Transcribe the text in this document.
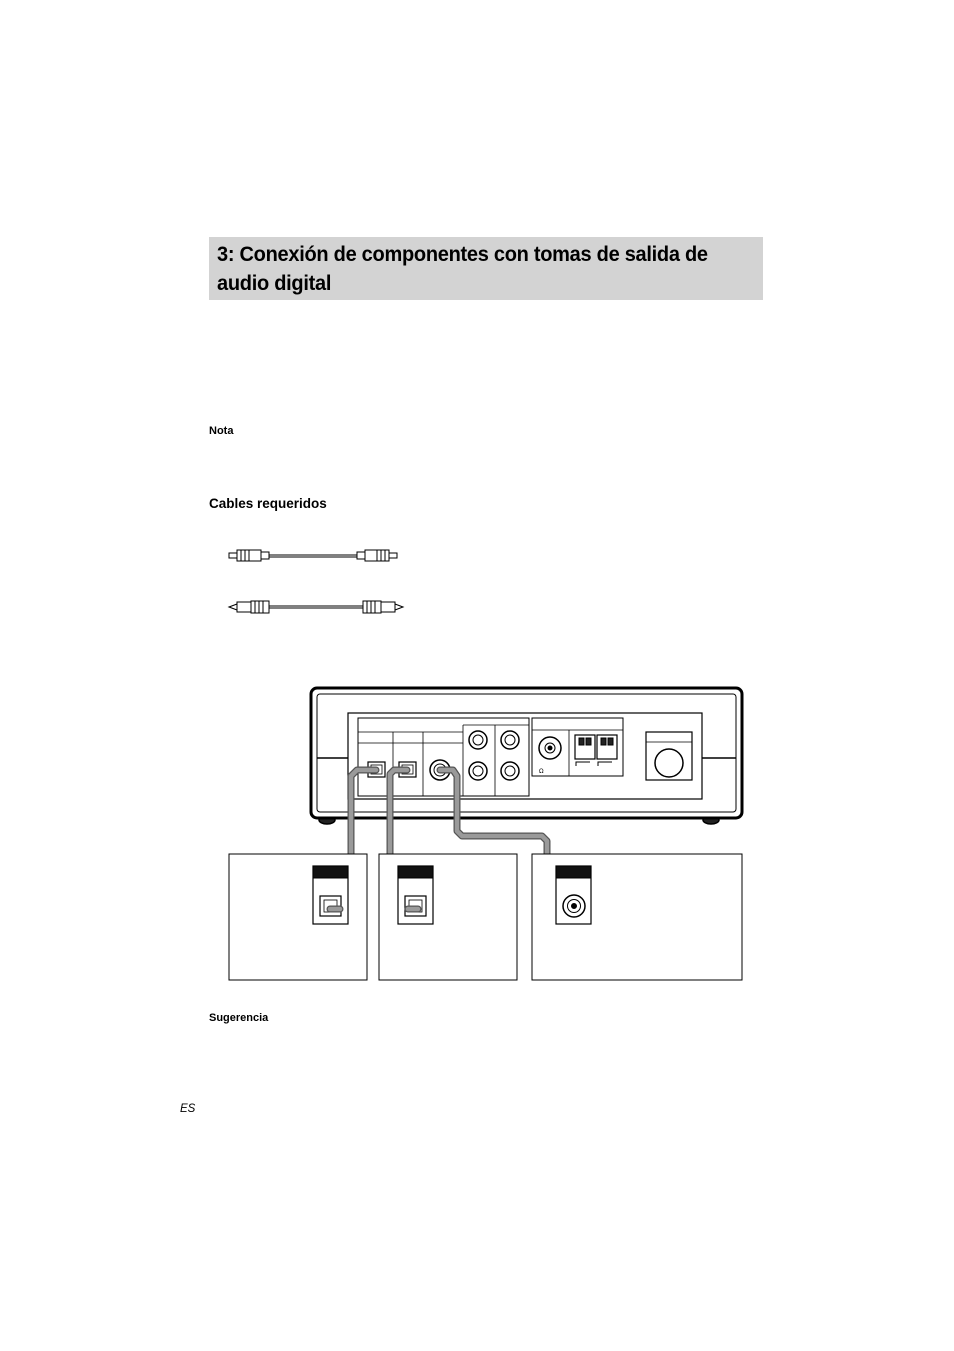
3: Conexión de componentes con tomas de salida de audio digital
Nota
Cables requeridos
Ω
Sugerencia
ES
